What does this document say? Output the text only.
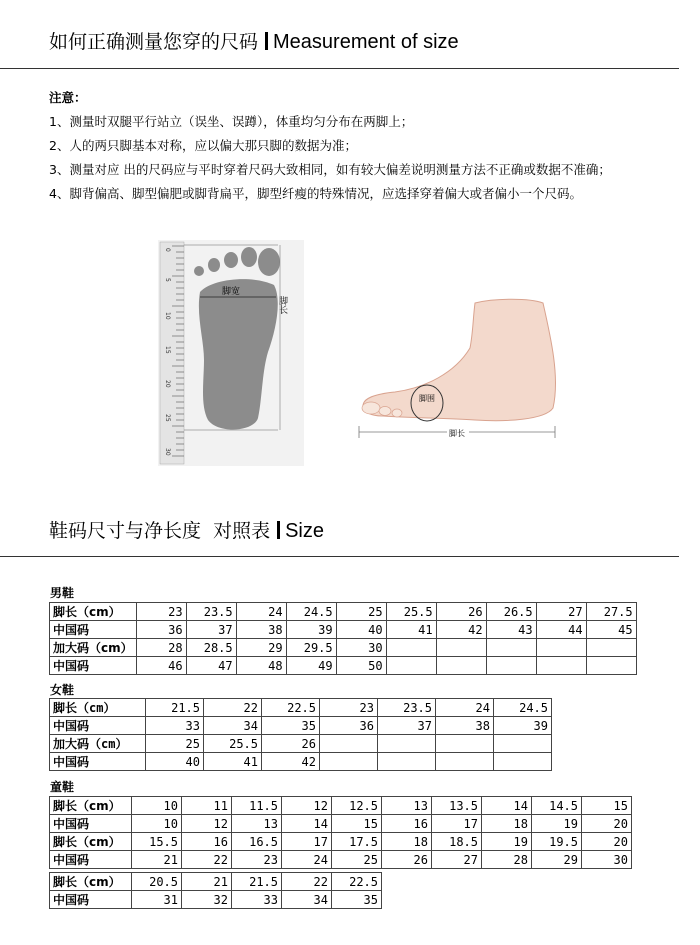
如何正确测量您穿的尺码 Measurement of size
注意：
1、测量时双腿平行站立（误坐、误蹲），体重均匀分布在两脚上；
2、人的两只脚基本对称，应以偏大那只脚的数据为准；
3、测量对应 出的尺码应与平时穿着尺码大致相同，如有较大偏差说明测量方法不正确或数据不准确；
4、脚背偏高、脚型偏肥或脚背扁平，脚型纤瘦的特殊情况，应选择穿着偏大或者偏小一个尺码。
0
5
10
15
20
25
30
脚宽
脚长
脚围
脚长
鞋码尺寸与净长度  对照表 Size
男鞋
脚长（cm）	23	23.5	24	24.5	25	25.5	26	26.5	27	27.5
中国码	36	37	38	39	40	41	42	43	44	45
加大码（cm）	28	28.5	29	29.5	30					
中国码	46	47	48	49	50					
女鞋
脚长（cm）	21.5	22	22.5	23	23.5	24	24.5
中国码	33	34	35	36	37	38	39
加大码（cm）	25	25.5	26				
中国码	40	41	42				
童鞋
脚长（cm）	10	11	11.5	12	12.5	13	13.5	14	14.5	15
中国码	10	12	13	14	15	16	17	18	19	20
脚长（cm）	15.5	16	16.5	17	17.5	18	18.5	19	19.5	20
中国码	21	22	23	24	25	26	27	28	29	30
脚长（cm）	20.5	21	21.5	22	22.5
中国码	31	32	33	34	35
